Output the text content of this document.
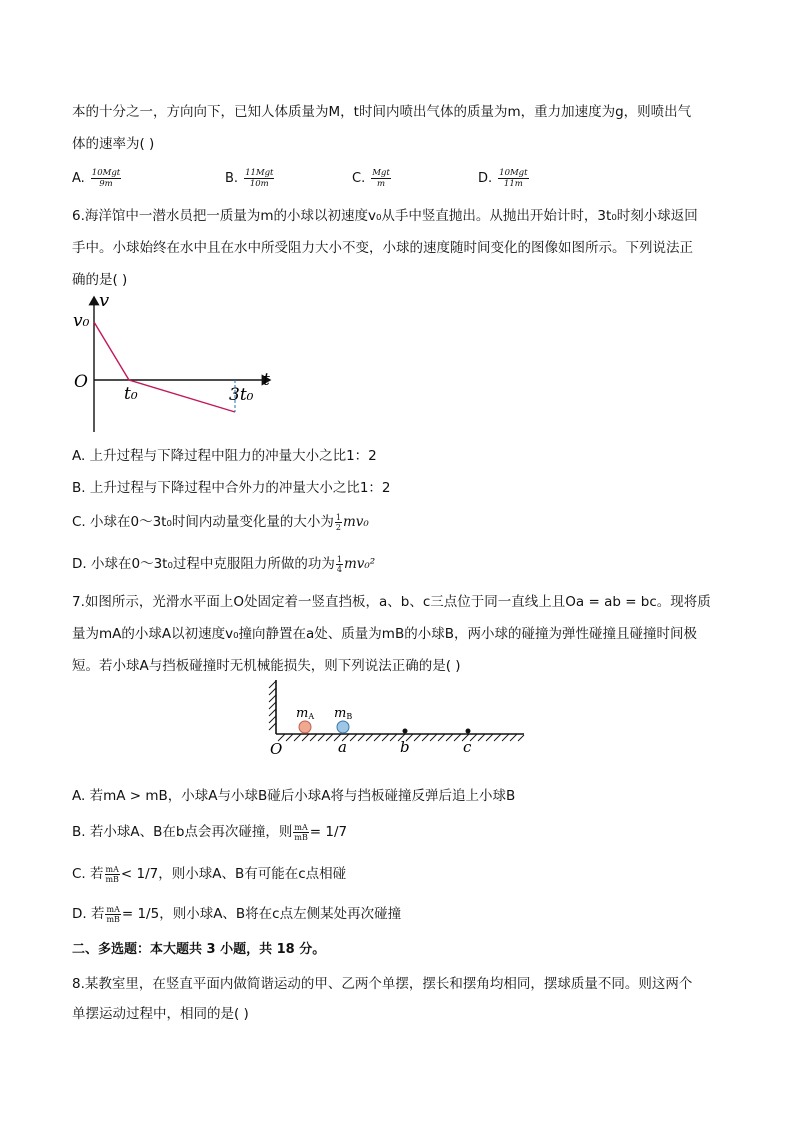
本的十分之一，方向向下，已知人体质量为M，t时间内喷出气体的质量为m，重力加速度为g，则喷出气
体的速率为( )
A. $\frac{\text{10Mgt}}{9m}$	B. $\frac{\text{11Mgt}}{10m}$	C. $\frac{\text{Mgt}}{m}$	D. $\frac{\text{10Mgt}}{11m}$
6.海洋馆中一潜水员把一质量为m的小球以初速度v₀从手中竖直抛出。从抛出开始计时，3t₀时刻小球返回
手中。小球始终在水中且在水中所受阻力大小不变，小球的速度随时间变化的图像如图所示。下列说法正
确的是( )
v
t
v₀
O
t₀	3t₀
A. 上升过程与下降过程中阻力的冲量大小之比1：2
B. 上升过程与下降过程中合外力的冲量大小之比1：2
C. 小球在0～3t₀时间内动量变化量的大小为 $\frac{1}{2} mv_0$
D. 小球在0～3t₀过程中克服阻力所做的功为 $\frac{1}{4} mv_0^2$
7.如图所示，光滑水平面上O处固定着一竖直挡板，a、b、c三点位于同一直线上且Oa = ab = bc。现将质
量为mA的小球A以初速度v₀撞向静置在a处、质量为mB的小球B，两小球的碰撞为弹性碰撞且碰撞时间极
短。若小球A与挡板碰撞时无机械能损失，则下列说法正确的是( )
mA mB
O	a	b	c
A. 若mA > mB，小球A与小球B碰后小球A将与挡板碰撞反弹后追上小球B
B. 若小球A、B在b点会再次碰撞，则 $\frac{mA}{mB} = 1/7$
C. 若 $\frac{mA}{mB} < 1/7$，则小球A、B有可能在c点相碰
D. 若 $\frac{mA}{mB} = 1/5$，则小球A、B将在c点左侧某处再次碰撞
二、多选题：本大题共 3 小题，共 18 分。
8.某教室里，在竖直平面内做简谐运动的甲、乙两个单摆，摆长和摆角均相同，摆球质量不同。则这两个
单摆运动过程中，相同的是( )
